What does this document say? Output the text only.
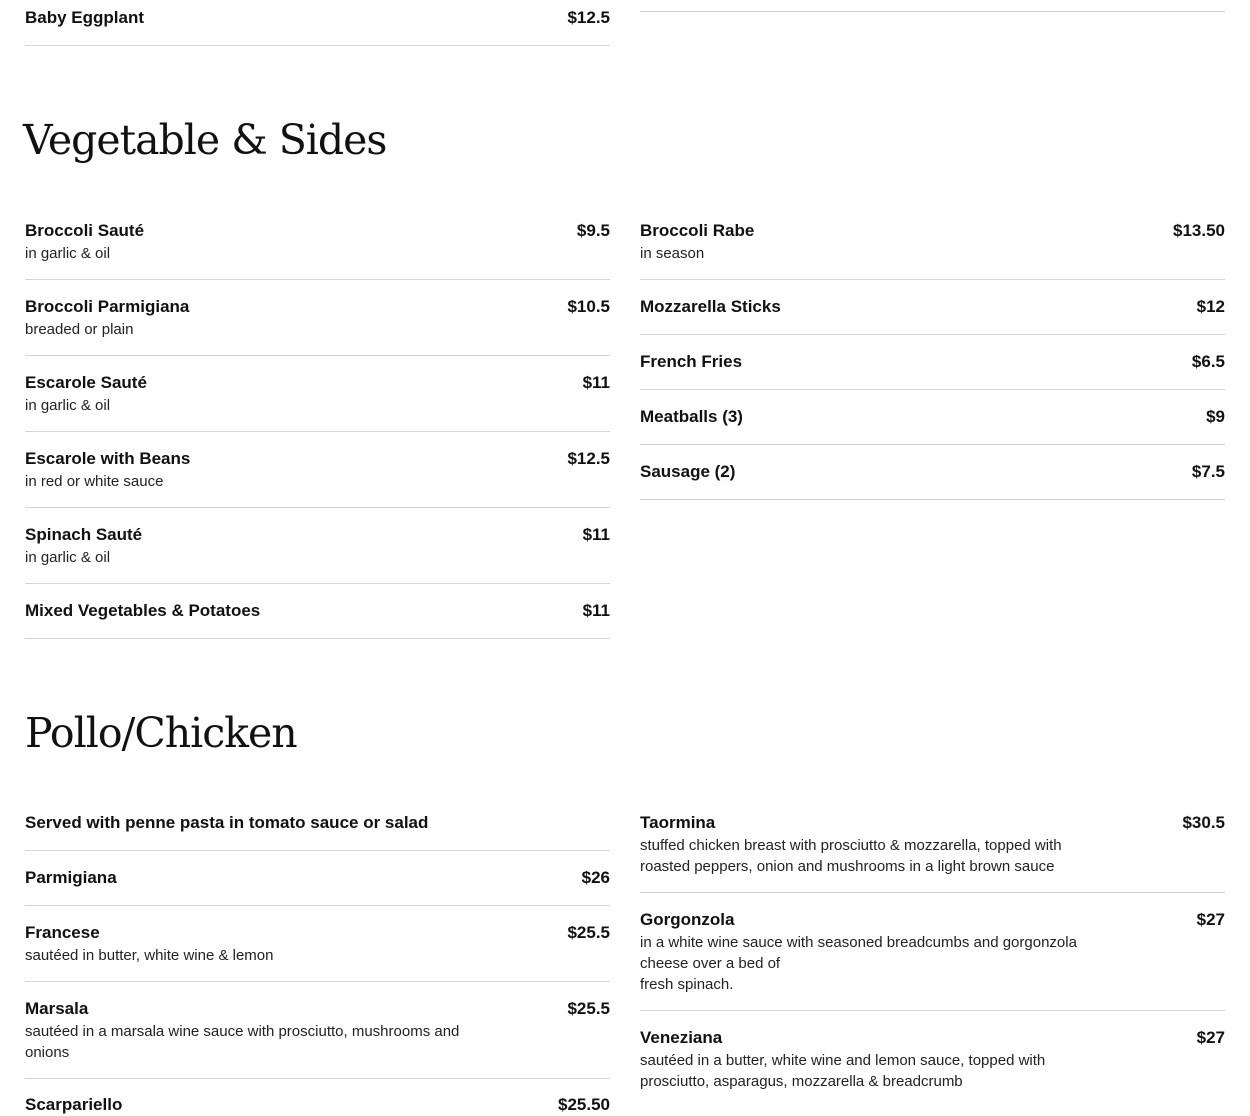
Baby Eggplant	$12.5
Vegetable & Sides
Broccoli Sauté	$9.5
in garlic & oil
Broccoli Parmigiana	$10.5
breaded or plain
Escarole Sauté	$11
in garlic & oil
Escarole with Beans	$12.5
in red or white sauce
Spinach Sauté	$11
in garlic & oil
Mixed Vegetables & Potatoes	$11
Broccoli Rabe	$13.50
in season
Mozzarella Sticks	$12
French Fries	$6.5
Meatballs (3)	$9
Sausage (2)	$7.5
Pollo/Chicken
Served with penne pasta in tomato sauce or salad
Parmigiana	$26
Francese	$25.5
sautéed in butter, white wine & lemon
Marsala	$25.5
sautéed in a marsala wine sauce with prosciutto, mushrooms and
onions
Scarpariello	$25.50
Taormina	$30.5
stuffed chicken breast with prosciutto & mozzarella, topped with
roasted peppers, onion and mushrooms in a light brown sauce
Gorgonzola	$27
in a white wine sauce with seasoned breadcumbs and gorgonzola
cheese over a bed of
fresh spinach.
Veneziana	$27
sautéed in a butter, white wine and lemon sauce, topped with
prosciutto, asparagus, mozzarella & breadcrumb
